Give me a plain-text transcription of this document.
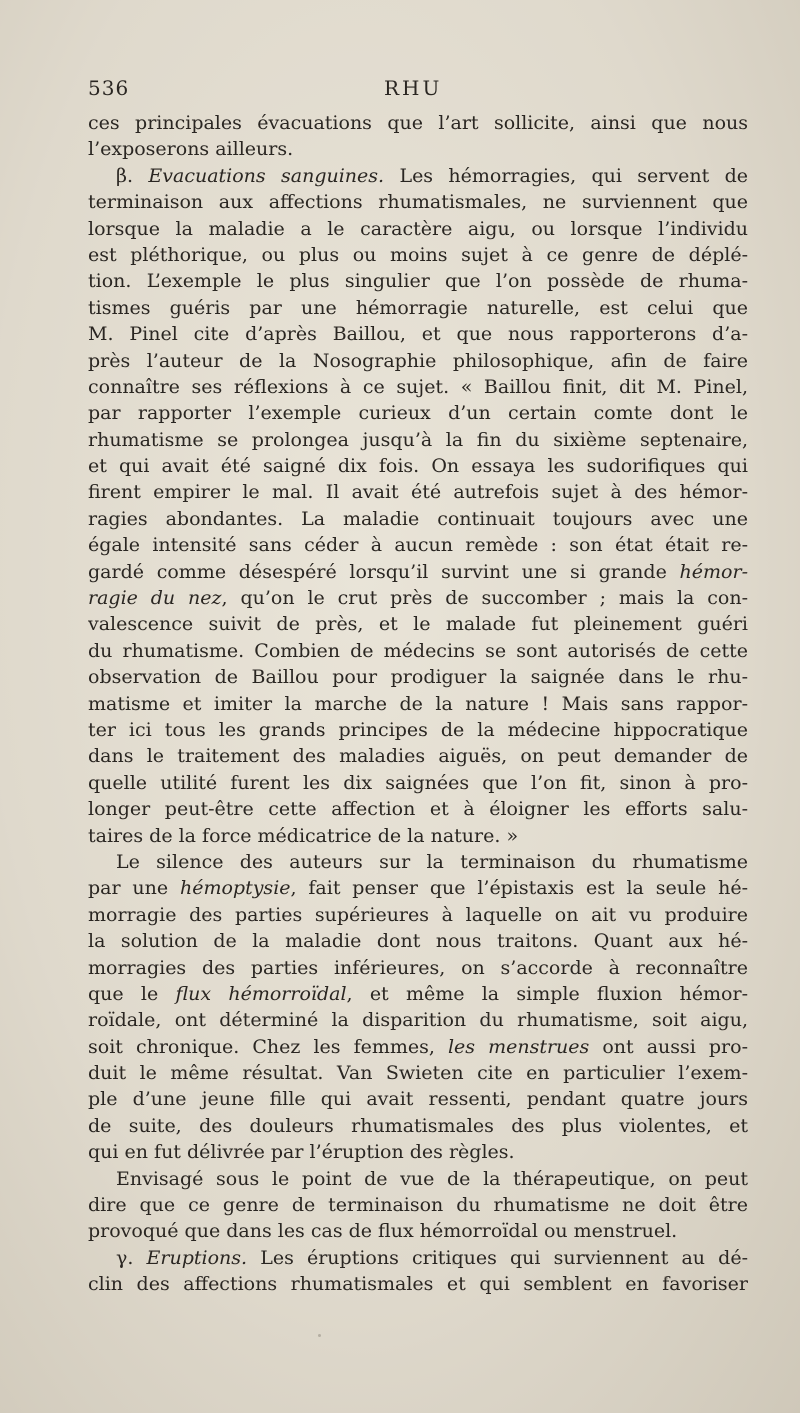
536	RHU
ces principales évacuations que l’art sollicite, ainsi que nous
l’exposerons ailleurs.
β. Evacuations sanguines. Les hémorragies, qui servent de
terminaison aux affections rhumatismales, ne surviennent que
lorsque la maladie a le caractère aigu, ou lorsque l’individu
est pléthorique, ou plus ou moins sujet à ce genre de déplé-
tion. L’exemple le plus singulier que l’on possède de rhuma-
tismes guéris par une hémorragie naturelle, est celui que
M. Pinel cite d’après Baillou, et que nous rapporterons d’a-
près l’auteur de la Nosographie philosophique, afin de faire
connaître ses réflexions à ce sujet. « Baillou finit, dit M. Pinel,
par rapporter l’exemple curieux d’un certain comte dont le
rhumatisme se prolongea jusqu’à la fin du sixième septenaire,
et qui avait été saigné dix fois. On essaya les sudorifiques qui
firent empirer le mal. Il avait été autrefois sujet à des hémor-
ragies abondantes. La maladie continuait toujours avec une
égale intensité sans céder à aucun remède : son état était re-
gardé comme désespéré lorsqu’il survint une si grande hémor-
ragie du nez, qu’on le crut près de succomber ; mais la con-
valescence suivit de près, et le malade fut pleinement guéri
du rhumatisme. Combien de médecins se sont autorisés de cette
observation de Baillou pour prodiguer la saignée dans le rhu-
matisme et imiter la marche de la nature ! Mais sans rappor-
ter ici tous les grands principes de la médecine hippocratique
dans le traitement des maladies aiguës, on peut demander de
quelle utilité furent les dix saignées que l’on fit, sinon à pro-
longer peut-être cette affection et à éloigner les efforts salu-
taires de la force médicatrice de la nature. »
Le silence des auteurs sur la terminaison du rhumatisme
par une hémoptysie, fait penser que l’épistaxis est la seule hé-
morragie des parties supérieures à laquelle on ait vu produire
la solution de la maladie dont nous traitons. Quant aux hé-
morragies des parties inférieures, on s’accorde à reconnaître
que le flux hémorroïdal, et même la simple fluxion hémor-
roïdale, ont déterminé la disparition du rhumatisme, soit aigu,
soit chronique. Chez les femmes, les menstrues ont aussi pro-
duit le même résultat. Van Swieten cite en particulier l’exem-
ple d’une jeune fille qui avait ressenti, pendant quatre jours
de suite, des douleurs rhumatismales des plus violentes, et
qui en fut délivrée par l’éruption des règles.
Envisagé sous le point de vue de la thérapeutique, on peut
dire que ce genre de terminaison du rhumatisme ne doit être
provoqué que dans les cas de flux hémorroïdal ou menstruel.
γ. Eruptions. Les éruptions critiques qui surviennent au dé-
clin des affections rhumatismales et qui semblent en favoriser
